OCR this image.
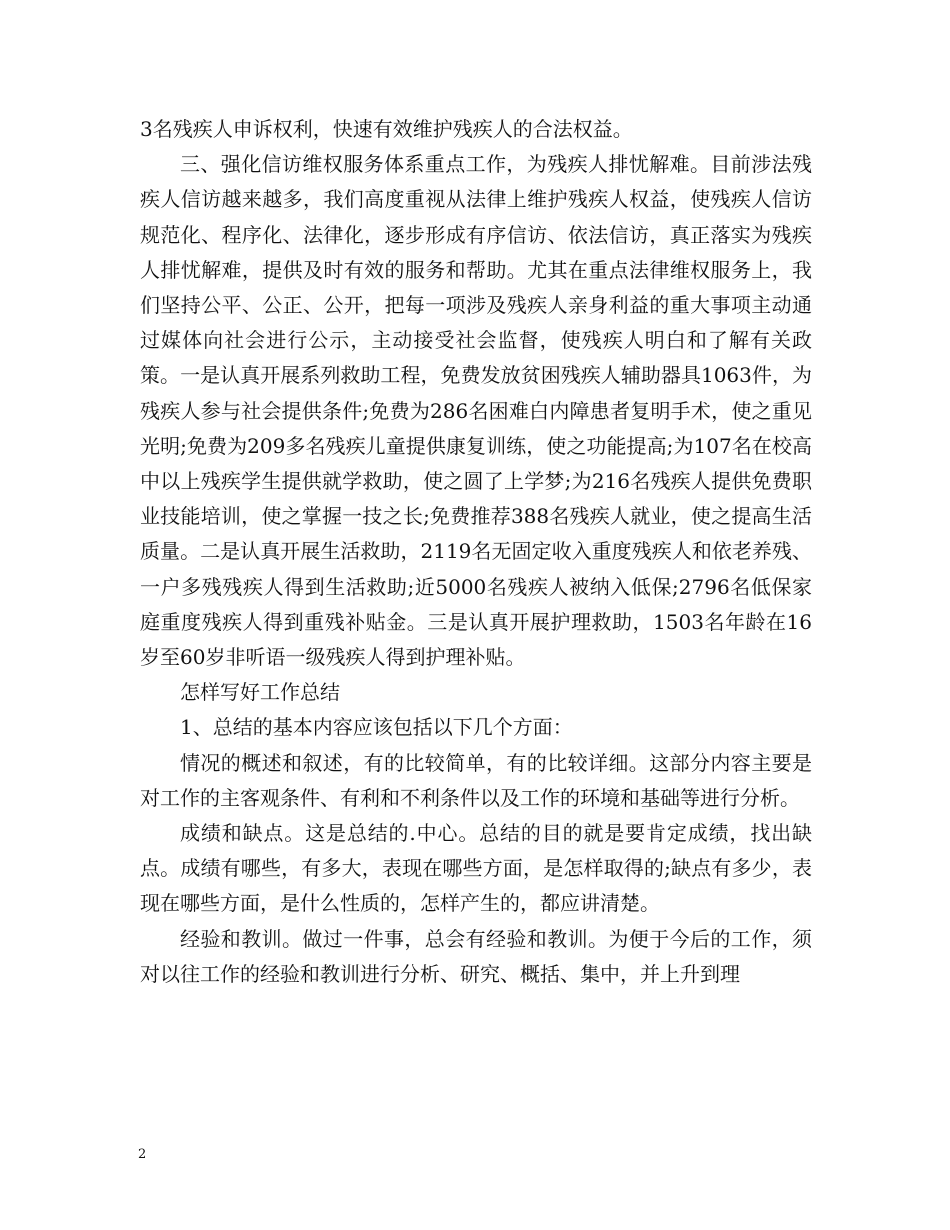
3名残疾人申诉权利，快速有效维护残疾人的合法权益。

三、强化信访维权服务体系重点工作，为残疾人排忧解难。目前涉法残疾人信访越来越多，我们高度重视从法律上维护残疾人权益，使残疾人信访规范化、程序化、法律化，逐步形成有序信访、依法信访，真正落实为残疾人排忧解难，提供及时有效的服务和帮助。尤其在重点法律维权服务上，我们坚持公平、公正、公开，把每一项涉及残疾人亲身利益的重大事项主动通过媒体向社会进行公示，主动接受社会监督，使残疾人明白和了解有关政策。一是认真开展系列救助工程，免费发放贫困残疾人辅助器具1063件，为残疾人参与社会提供条件;免费为286名困难白内障患者复明手术，使之重见光明;免费为209多名残疾儿童提供康复训练，使之功能提高;为107名在校高中以上残疾学生提供就学救助，使之圆了上学梦;为216名残疾人提供免费职业技能培训，使之掌握一技之长;免费推荐388名残疾人就业，使之提高生活质量。二是认真开展生活救助，2119名无固定收入重度残疾人和依老养残、一户多残残疾人得到生活救助;近5000名残疾人被纳入低保;2796名低保家庭重度残疾人得到重残补贴金。三是认真开展护理救助，1503名年龄在16岁至60岁非听语一级残疾人得到护理补贴。

怎样写好工作总结

1、总结的基本内容应该包括以下几个方面：

情况的概述和叙述，有的比较简单，有的比较详细。这部分内容主要是对工作的主客观条件、有利和不利条件以及工作的环境和基础等进行分析。

成绩和缺点。这是总结的.中心。总结的目的就是要肯定成绩，找出缺点。成绩有哪些，有多大，表现在哪些方面，是怎样取得的;缺点有多少，表现在哪些方面，是什么性质的，怎样产生的，都应讲清楚。

经验和教训。做过一件事，总会有经验和教训。为便于今后的工作，须对以往工作的经验和教训进行分析、研究、概括、集中，并上升到理

2
